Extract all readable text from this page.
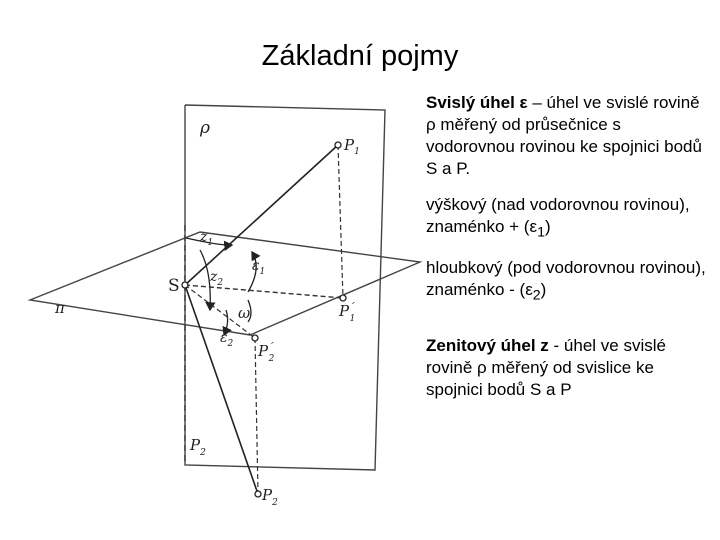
Základní pojmy
ρ
π
S
ω
$z_1$
$z_2$
$\varepsilon_1$
$\varepsilon_2$
$P_1$
P´ 1
P´ 2
$P_2$
$P_2$

Svislý úhel ε – úhel ve svislé rovině ρ měřený od průsečnice s vodorovnou rovinou ke spojnici bodů S a P.

výškový (nad vodorovnou rovinou), znaménko + $(\varepsilon_1)$

hloubkový (pod vodorovnou rovinou), znaménko - $(\varepsilon_2)$

Zenitový úhel z - úhel ve svislé rovině ρ měřený od svislice ke spojnici bodů S a P
